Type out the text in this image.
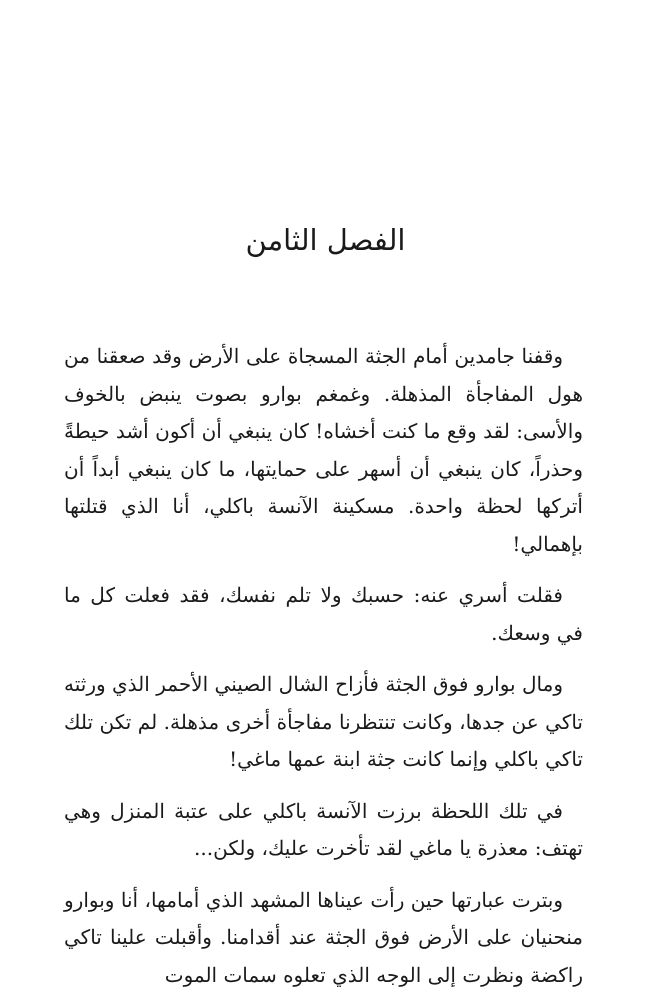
الفصل الثامن

وقفنا جامدين أمام الجثة المسجاة على الأرض وقد صعقنا من هول المفاجأة المذهلة. وغمغم بوارو بصوت ينبض بالخوف والأسى: لقد وقع ما كنت أخشاه! كان ينبغي أن أكون أشد حيطةً وحذراً، كان ينبغي أن أسهر على حمايتها، ما كان ينبغي أبداً أن أتركها لحظة واحدة. مسكينة الآنسة باكلي، أنا الذي قتلتها بإهمالي!

فقلت أسري عنه: حسبك ولا تلم نفسك، فقد فعلت كل ما في وسعك.

ومال بوارو فوق الجثة فأزاح الشال الصيني الأحمر الذي ورثته تاكي عن جدها، وكانت تنتظرنا مفاجأة أخرى مذهلة. لم تكن تلك تاكي باكلي وإنما كانت جثة ابنة عمها ماغي!

في تلك اللحظة برزت الآنسة باكلي على عتبة المنزل وهي تهتف: معذرة يا ماغي لقد تأخرت عليك، ولكن...

وبترت عبارتها حين رأت عيناها المشهد الذي أمامها، أنا وبوارو منحنيان على الأرض فوق الجثة عند أقدامنا. وأقبلت علينا تاكي راكضة ونظرت إلى الوجه الذي تعلوه سمات الموت
